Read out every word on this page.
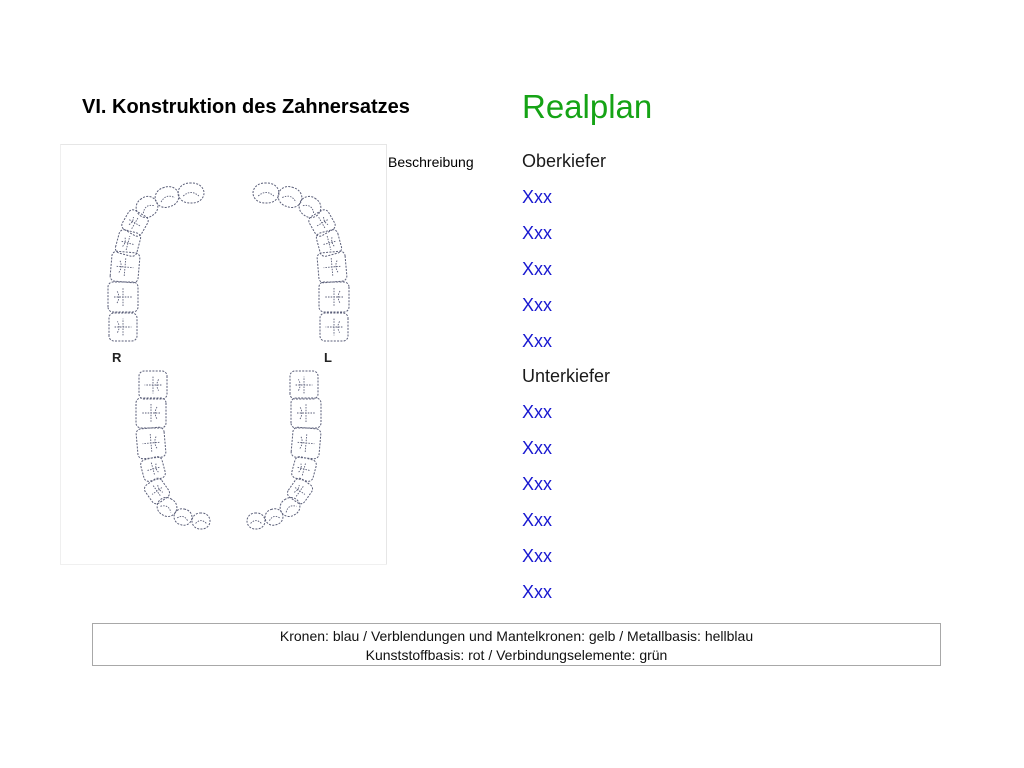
VI. Konstruktion des Zahnersatzes	Realplan
Beschreibung
R	L
Oberkiefer
Xxx
Xxx
Xxx
Xxx
Xxx
Unterkiefer
Xxx
Xxx
Xxx
Xxx
Xxx
Xxx
Kronen: blau / Verblendungen und Mantelkronen: gelb / Metallbasis: hellblau
Kunststoffbasis: rot / Verbindungselemente: grün
